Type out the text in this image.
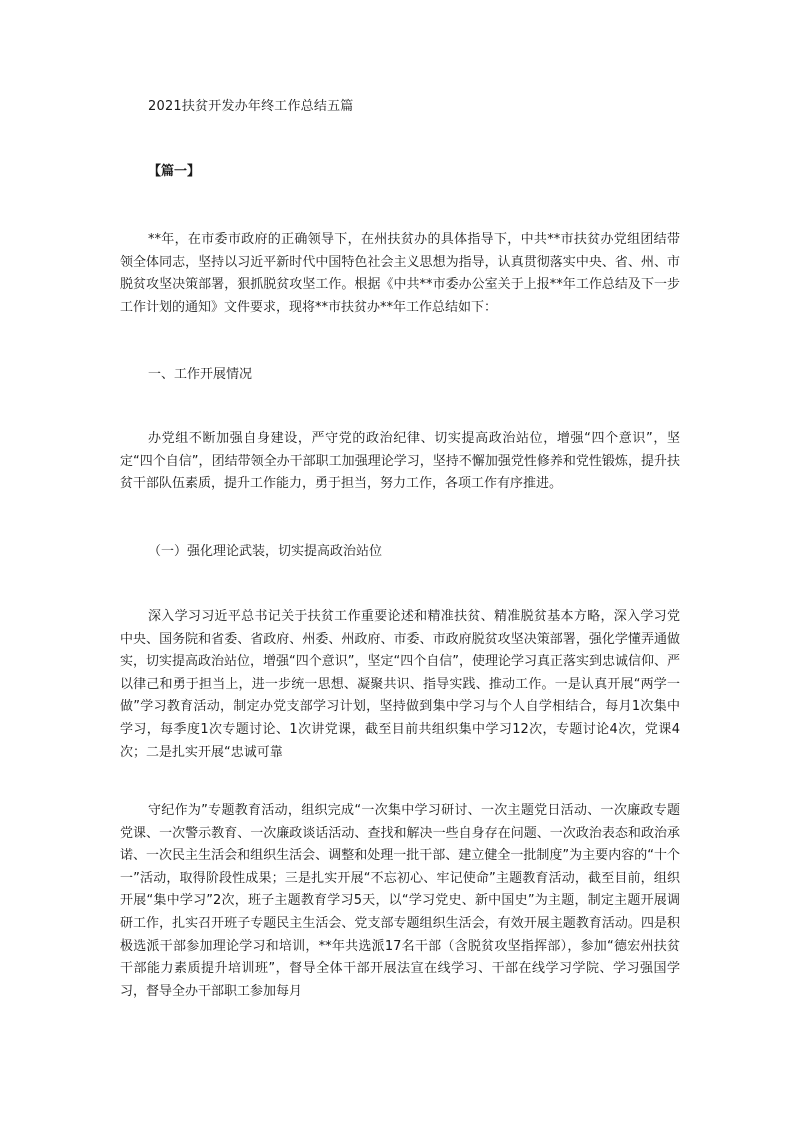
2021扶贫开发办年终工作总结五篇
【篇一】

**年，在市委市政府的正确领导下，在州扶贫办的具体指导下，中共**市扶贫办党组团结带领全体同志，坚持以习近平新时代中国特色社会主义思想为指导，认真贯彻落实中央、省、州、市脱贫攻坚决策部署，狠抓脱贫攻坚工作。根据《中共**市委办公室关于上报**年工作总结及下一步工作计划的通知》文件要求，现将**市扶贫办**年工作总结如下：

一、工作开展情况

办党组不断加强自身建设，严守党的政治纪律、切实提高政治站位，增强“四个意识”，坚定“四个自信”，团结带领全办干部职工加强理论学习，坚持不懈加强党性修养和党性锻炼，提升扶贫干部队伍素质，提升工作能力，勇于担当，努力工作，各项工作有序推进。

（一）强化理论武装，切实提高政治站位

深入学习习近平总书记关于扶贫工作重要论述和精准扶贫、精准脱贫基本方略，深入学习党中央、国务院和省委、省政府、州委、州政府、市委、市政府脱贫攻坚决策部署，强化学懂弄通做实，切实提高政治站位，增强“四个意识”，坚定“四个自信”，使理论学习真正落实到忠诚信仰、严以律己和勇于担当上，进一步统一思想、凝聚共识、指导实践、推动工作。一是认真开展“两学一做”学习教育活动，制定办党支部学习计划，坚持做到集中学习与个人自学相结合，每月1次集中学习，每季度1次专题讨论、1次讲党课，截至目前共组织集中学习12次，专题讨论4次，党课4次；二是扎实开展“忠诚可靠

守纪作为”专题教育活动，组织完成“一次集中学习研讨、一次主题党日活动、一次廉政专题党课、一次警示教育、一次廉政谈话活动、查找和解决一些自身存在问题、一次政治表态和政治承诺、一次民主生活会和组织生活会、调整和处理一批干部、建立健全一批制度”为主要内容的“十个一”活动，取得阶段性成果；三是扎实开展“不忘初心、牢记使命”主题教育活动，截至目前，组织开展“集中学习”2次，班子主题教育学习5天，以“学习党史、新中国史”为主题，制定主题开展调研工作，扎实召开班子专题民主生活会、党支部专题组织生活会，有效开展主题教育活动。四是积极选派干部参加理论学习和培训，**年共选派17名干部（含脱贫攻坚指挥部），参加“德宏州扶贫干部能力素质提升培训班”，督导全体干部开展法宣在线学习、干部在线学习学院、学习强国学习，督导全办干部职工参加每月
